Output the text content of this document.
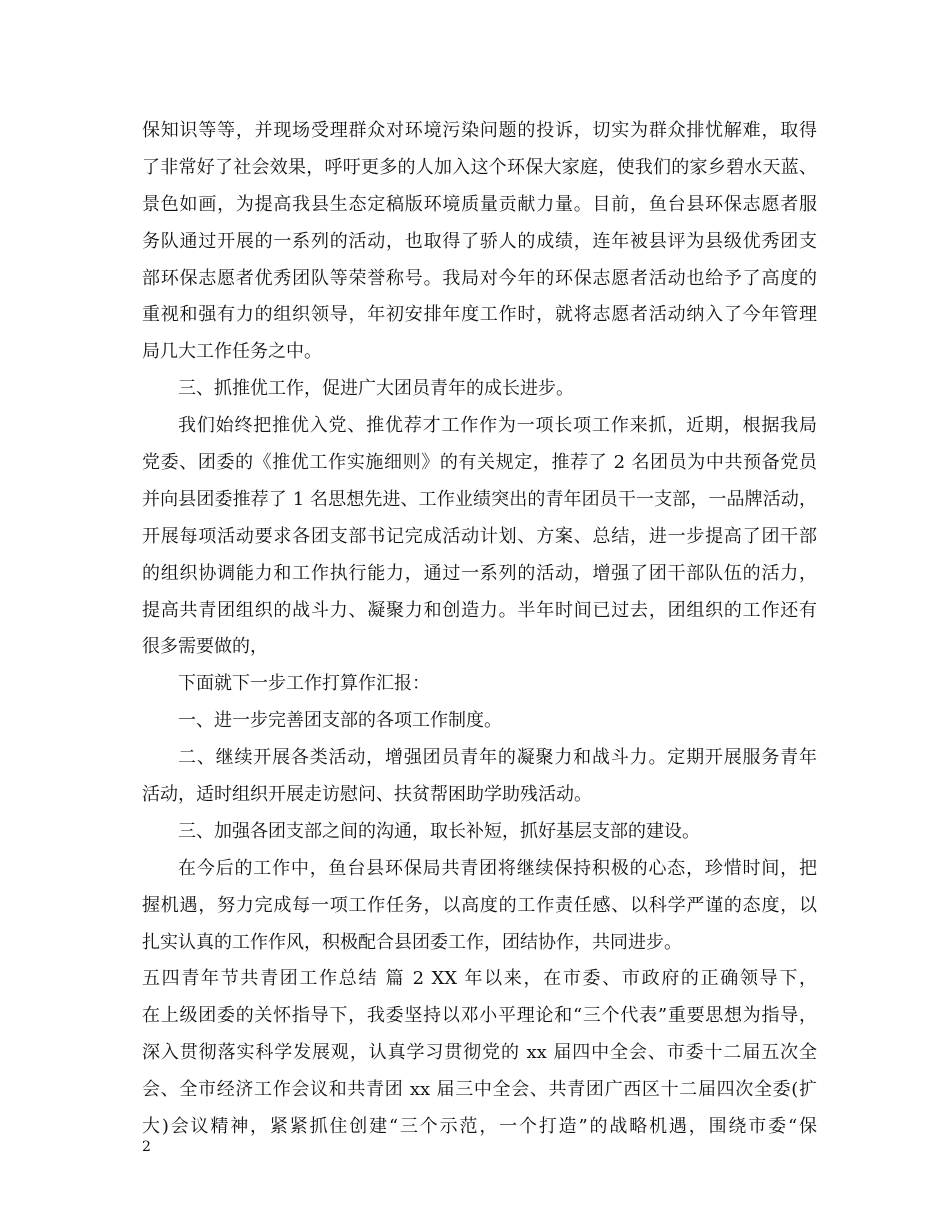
保知识等等，并现场受理群众对环境污染问题的投诉，切实为群众排忧解难，取得
了非常好了社会效果，呼吁更多的人加入这个环保大家庭，使我们的家乡碧水天蓝、
景色如画，为提高我县生态定稿版环境质量贡献力量。目前，鱼台县环保志愿者服
务队通过开展的一系列的活动，也取得了骄人的成绩，连年被县评为县级优秀团支
部环保志愿者优秀团队等荣誉称号。我局对今年的环保志愿者活动也给予了高度的
重视和强有力的组织领导，年初安排年度工作时，就将志愿者活动纳入了今年管理
局几大工作任务之中。
三、抓推优工作，促进广大团员青年的成长进步。
我们始终把推优入党、推优荐才工作作为一项长项工作来抓，近期，根据我局
党委、团委的《推优工作实施细则》的有关规定，推荐了 2 名团员为中共预备党员
并向县团委推荐了 1 名思想先进、工作业绩突出的青年团员干一支部，一品牌活动，
开展每项活动要求各团支部书记完成活动计划、方案、总结，进一步提高了团干部
的组织协调能力和工作执行能力，通过一系列的活动，增强了团干部队伍的活力，
提高共青团组织的战斗力、凝聚力和创造力。半年时间已过去，团组织的工作还有
很多需要做的，
下面就下一步工作打算作汇报：
一、进一步完善团支部的各项工作制度。
二、继续开展各类活动，增强团员青年的凝聚力和战斗力。定期开展服务青年
活动，适时组织开展走访慰问、扶贫帮困助学助残活动。
三、加强各团支部之间的沟通，取长补短，抓好基层支部的建设。
在今后的工作中，鱼台县环保局共青团将继续保持积极的心态，珍惜时间，把
握机遇，努力完成每一项工作任务，以高度的工作责任感、以科学严谨的态度，以
扎实认真的工作作风，积极配合县团委工作，团结协作，共同进步。
五四青年节共青团工作总结 篇 2 XX 年以来，在市委、市政府的正确领导下，
在上级团委的关怀指导下，我委坚持以邓小平理论和“三个代表”重要思想为指导，
深入贯彻落实科学发展观，认真学习贯彻党的 xx 届四中全会、市委十二届五次全
会、全市经济工作会议和共青团 xx 届三中全会、共青团广西区十二届四次全委(扩
大)会议精神，紧紧抓住创建“三个示范，一个打造”的战略机遇，围绕市委“保
2
